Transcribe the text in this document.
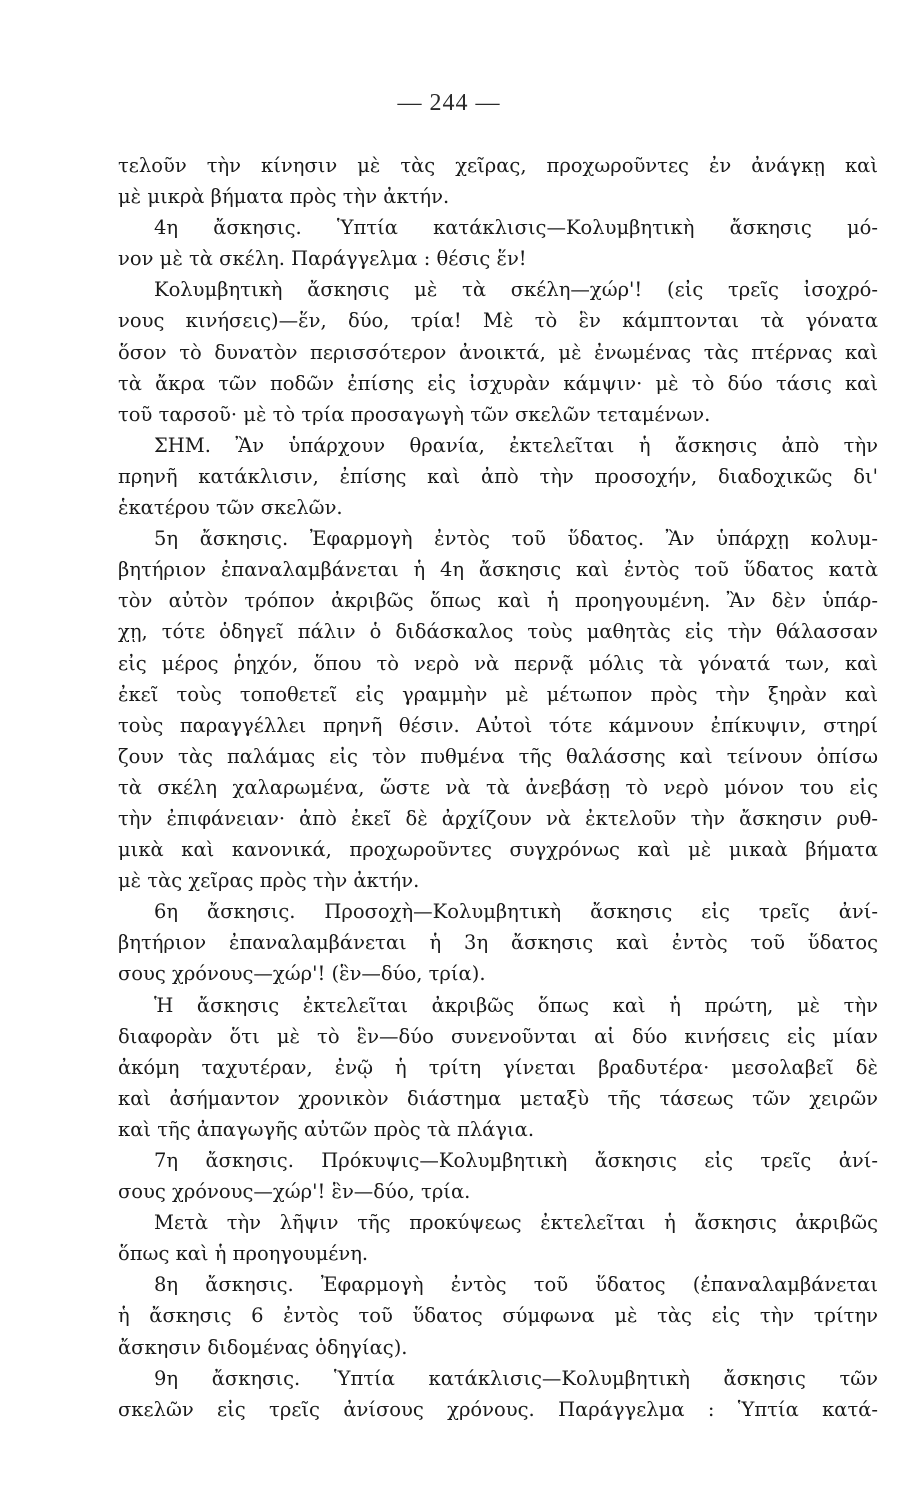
— 244 —
τελοῦν τὴν κίνησιν μὲ τὰς χεῖρας, προχωροῦντες ἐν ἀνάγκῃ καὶ
μὲ μικρὰ βήματα πρὸς τὴν ἀκτήν.
4η ἄσκησις. Ὑπτία κατάκλισις—Κολυμβητικὴ ἄσκησις μό-
νον μὲ τὰ σκέλη. Παράγγελμα : θέσις ἕν!
Κολυμβητικὴ ἄσκησις μὲ τὰ σκέλη—χώρ'! (εἰς τρεῖς ἰσοχρό-
νους κινήσεις)—ἕν, δύο, τρία! Μὲ τὸ ἓν κάμπτονται τὰ γόνατα
ὅσον τὸ δυνατὸν περισσότερον ἀνοικτά, μὲ ἐνωμένας τὰς πτέρνας καὶ
τὰ ἄκρα τῶν ποδῶν ἐπίσης εἰς ἰσχυρὰν κάμψιν· μὲ τὸ δύο τάσις καὶ
τοῦ ταρσοῦ· μὲ τὸ τρία προσαγωγὴ τῶν σκελῶν τεταμένων.
ΣΗΜ. Ἂν ὑπάρχουν θρανία, ἐκτελεῖται ἡ ἄσκησις ἀπὸ τὴν
πρηνῆ κατάκλισιν, ἐπίσης καὶ ἀπὸ τὴν προσοχήν, διαδοχικῶς δι'
ἑκατέρου τῶν σκελῶν.
5η ἄσκησις. Ἐφαρμογὴ ἐντὸς τοῦ ὕδατος. Ἂν ὑπάρχῃ κολυμ-
βητήριον ἐπαναλαμβάνεται ἡ 4η ἄσκησις καὶ ἐντὸς τοῦ ὕδατος κατὰ
τὸν αὐτὸν τρόπον ἀκριβῶς ὅπως καὶ ἡ προηγουμένη. Ἂν δὲν ὑπάρ-
χῃ, τότε ὁδηγεῖ πάλιν ὁ διδάσκαλος τοὺς μαθητὰς εἰς τὴν θάλασσαν
εἰς μέρος ῥηχόν, ὅπου τὸ νερὸ νὰ περνᾷ μόλις τὰ γόνατά των, καὶ
ἐκεῖ τοὺς τοποθετεῖ εἰς γραμμὴν μὲ μέτωπον πρὸς τὴν ξηρὰν καὶ
τοὺς παραγγέλλει πρηνῆ θέσιν. Αὐτοὶ τότε κάμνουν ἐπίκυψιν, στηρί
ζουν τὰς παλάμας εἰς τὸν πυθμένα τῆς θαλάσσης καὶ τείνουν ὀπίσω
τὰ σκέλη χαλαρωμένα, ὥστε νὰ τὰ ἀνεβάσῃ τὸ νερὸ μόνον του εἰς
τὴν ἐπιφάνειαν· ἀπὸ ἐκεῖ δὲ ἀρχίζουν νὰ ἐκτελοῦν τὴν ἄσκησιν ρυθ-
μικὰ καὶ κανονικά, προχωροῦντες συγχρόνως καὶ μὲ μικαὰ βήματα
μὲ τὰς χεῖρας πρὸς τὴν ἀκτήν.
6η ἄσκησις. Προσοχὴ—Κολυμβητικὴ ἄσκησις εἰς τρεῖς ἀνί-
βητήριον ἐπαναλαμβάνεται ἡ 3η ἄσκησις καὶ ἐντὸς τοῦ ὕδατος
σους χρόνους—χώρ'! (ἓν—δύο, τρία).
Ἡ ἄσκησις ἐκτελεῖται ἀκριβῶς ὅπως καὶ ἡ πρώτη, μὲ τὴν
διαφορὰν ὅτι μὲ τὸ ἓν—δύο συνενοῦνται αἱ δύο κινήσεις εἰς μίαν
ἀκόμη ταχυτέραν, ἐνῷ ἡ τρίτη γίνεται βραδυτέρα· μεσολαβεῖ δὲ
καὶ ἀσήμαντον χρονικὸν διάστημα μεταξὺ τῆς τάσεως τῶν χειρῶν
καὶ τῆς ἀπαγωγῆς αὐτῶν πρὸς τὰ πλάγια.
7η ἄσκησις. Πρόκυψις—Κολυμβητικὴ ἄσκησις εἰς τρεῖς ἀνί-
σους χρόνους—χώρ'! ἓν—δύο, τρία.
Μετὰ τὴν λῆψιν τῆς προκύψεως ἐκτελεῖται ἡ ἄσκησις ἀκριβῶς
ὅπως καὶ ἡ προηγουμένη.
8η ἄσκησις. Ἐφαρμογὴ ἐντὸς τοῦ ὕδατος (ἐπαναλαμβάνεται
ἡ ἄσκησις 6 ἐντὸς τοῦ ὕδατος σύμφωνα μὲ τὰς εἰς τὴν τρίτην
ἄσκησιν διδομένας ὁδηγίας).
9η ἄσκησις. Ὑπτία κατάκλισις—Κολυμβητικὴ ἄσκησις τῶν
σκελῶν εἰς τρεῖς ἀνίσους χρόνους. Παράγγελμα : Ὑπτία κατά-
